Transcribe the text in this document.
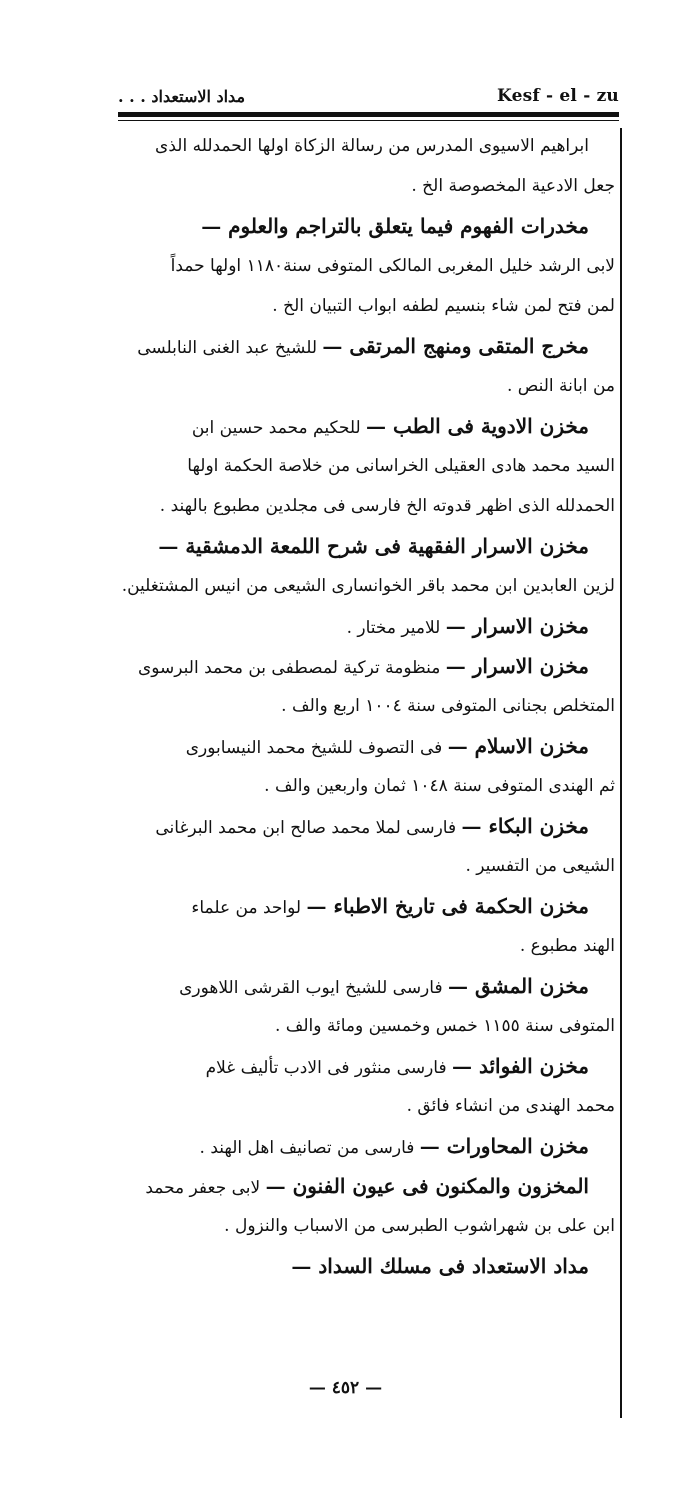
مداد الاستعداد . . .	Kesf - el - zu
ابراهيم الاسيوى المدرس من رسالة الزكاة اولها الحمدلله الذى
جعل الادعية المخصوصة الخ .
مخدرات الفهوم فيما يتعلق بالتراجم والعلوم —
لابى الرشد خليل المغربى المالكى المتوفى سنة١١٨٠ اولها حمداً
لمن فتح لمن شاء بنسيم لطفه ابواب التبيان الخ .
مخرج المتقى ومنهج المرتقى — للشيخ عبد الغنى النابلسى
من ابانة النص .
مخزن الادوية فى الطب — للحكيم محمد حسين ابن
السيد محمد هادى العقيلى الخراسانى من خلاصة الحكمة اولها
الحمدلله الذى اظهر قدوته الخ فارسى فى مجلدين مطبوع بالهند .
مخزن الاسرار الفقهية فى شرح اللمعة الدمشقية —
لزين العابدين ابن محمد باقر الخوانسارى الشيعى من انيس المشتغلين.
مخزن الاسرار — للامير مختار .
مخزن الاسرار — منظومة تركية لمصطفى بن محمد البرسوى
المتخلص بجنانى المتوفى سنة ١٠٠٤ اربع والف .
مخزن الاسلام — فى التصوف للشيخ محمد النيسابورى
ثم الهندى المتوفى سنة ١٠٤٨ ثمان واربعين والف .
مخزن البكاء — فارسى لملا محمد صالح ابن محمد البرغانى
الشيعى من التفسير .
مخزن الحكمة فى تاريخ الاطباء — لواحد من علماء
الهند مطبوع .
مخزن المشق — فارسى للشيخ ايوب القرشى اللاهورى
المتوفى سنة ١١٥٥ خمس وخمسين ومائة والف .
مخزن الفوائد — فارسى منثور فى الادب تأليف غلام
محمد الهندى من انشاء فائق .
مخزن المحاورات — فارسى من تصانيف اهل الهند .
المخزون والمكنون فى عيون الفنون — لابى جعفر محمد
ابن على بن شهراشوب الطبرسى من الاسباب والنزول .
مداد الاستعداد فى مسلك السداد —
— ٤٥٢ —
